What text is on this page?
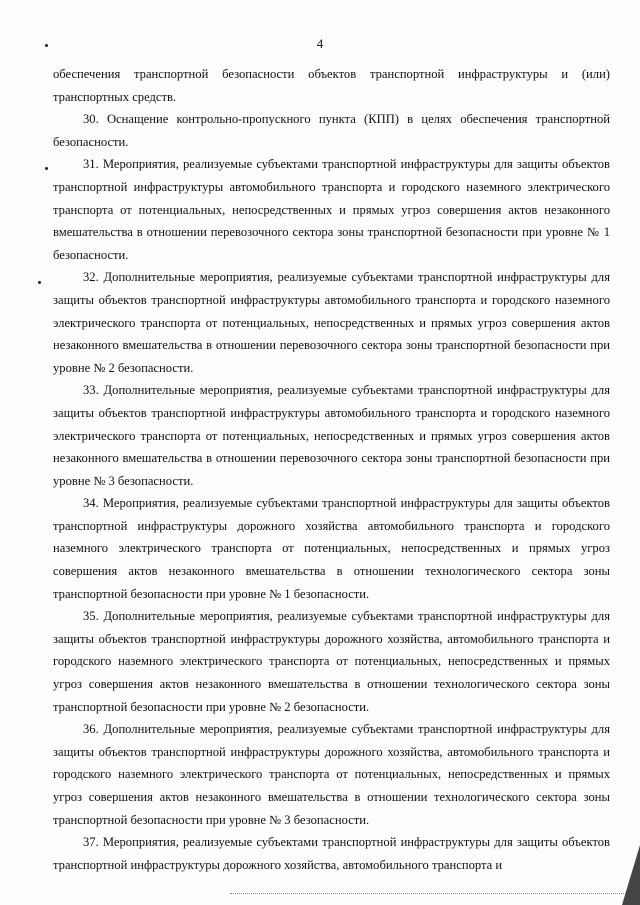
4

обеспечения транспортной безопасности объектов транспортной инфраструктуры и (или) транспортных средств.

30. Оснащение контрольно-пропускного пункта (КПП) в целях обеспечения транспортной безопасности.

31. Мероприятия, реализуемые субъектами транспортной инфраструктуры для защиты объектов транспортной инфраструктуры автомобильного транспорта и городского наземного электрического транспорта от потенциальных, непосредственных и прямых угроз совершения актов незаконного вмешательства в отношении перевозочного сектора зоны транспортной безопасности при уровне № 1 безопасности.

32. Дополнительные мероприятия, реализуемые субъектами транспортной инфраструктуры для защиты объектов транспортной инфраструктуры автомобильного транспорта и городского наземного электрического транспорта от потенциальных, непосредственных и прямых угроз совершения актов незаконного вмешательства в отношении перевозочного сектора зоны транспортной безопасности при уровне № 2 безопасности.

33. Дополнительные мероприятия, реализуемые субъектами транспортной инфраструктуры для защиты объектов транспортной инфраструктуры автомобильного транспорта и городского наземного электрического транспорта от потенциальных, непосредственных и прямых угроз совершения актов незаконного вмешательства в отношении перевозочного сектора зоны транспортной безопасности при уровне № 3 безопасности.

34. Мероприятия, реализуемые субъектами транспортной инфраструктуры для защиты объектов транспортной инфраструктуры дорожного хозяйства автомобильного транспорта и городского наземного электрического транспорта от потенциальных, непосредственных и прямых угроз совершения актов незаконного вмешательства в отношении технологического сектора зоны транспортной безопасности при уровне № 1 безопасности.

35. Дополнительные мероприятия, реализуемые субъектами транспортной инфраструктуры для защиты объектов транспортной инфраструктуры дорожного хозяйства, автомобильного транспорта и городского наземного электрического транспорта от потенциальных, непосредственных и прямых угроз совершения актов незаконного вмешательства в отношении технологического сектора зоны транспортной безопасности при уровне № 2 безопасности.

36. Дополнительные мероприятия, реализуемые субъектами транспортной инфраструктуры для защиты объектов транспортной инфраструктуры дорожного хозяйства, автомобильного транспорта и городского наземного электрического транспорта от потенциальных, непосредственных и прямых угроз совершения актов незаконного вмешательства в отношении технологического сектора зоны транспортной безопасности при уровне № 3 безопасности.

37. Мероприятия, реализуемые субъектами транспортной инфраструктуры для защиты объектов транспортной инфраструктуры дорожного хозяйства, автомобильного транспорта и
